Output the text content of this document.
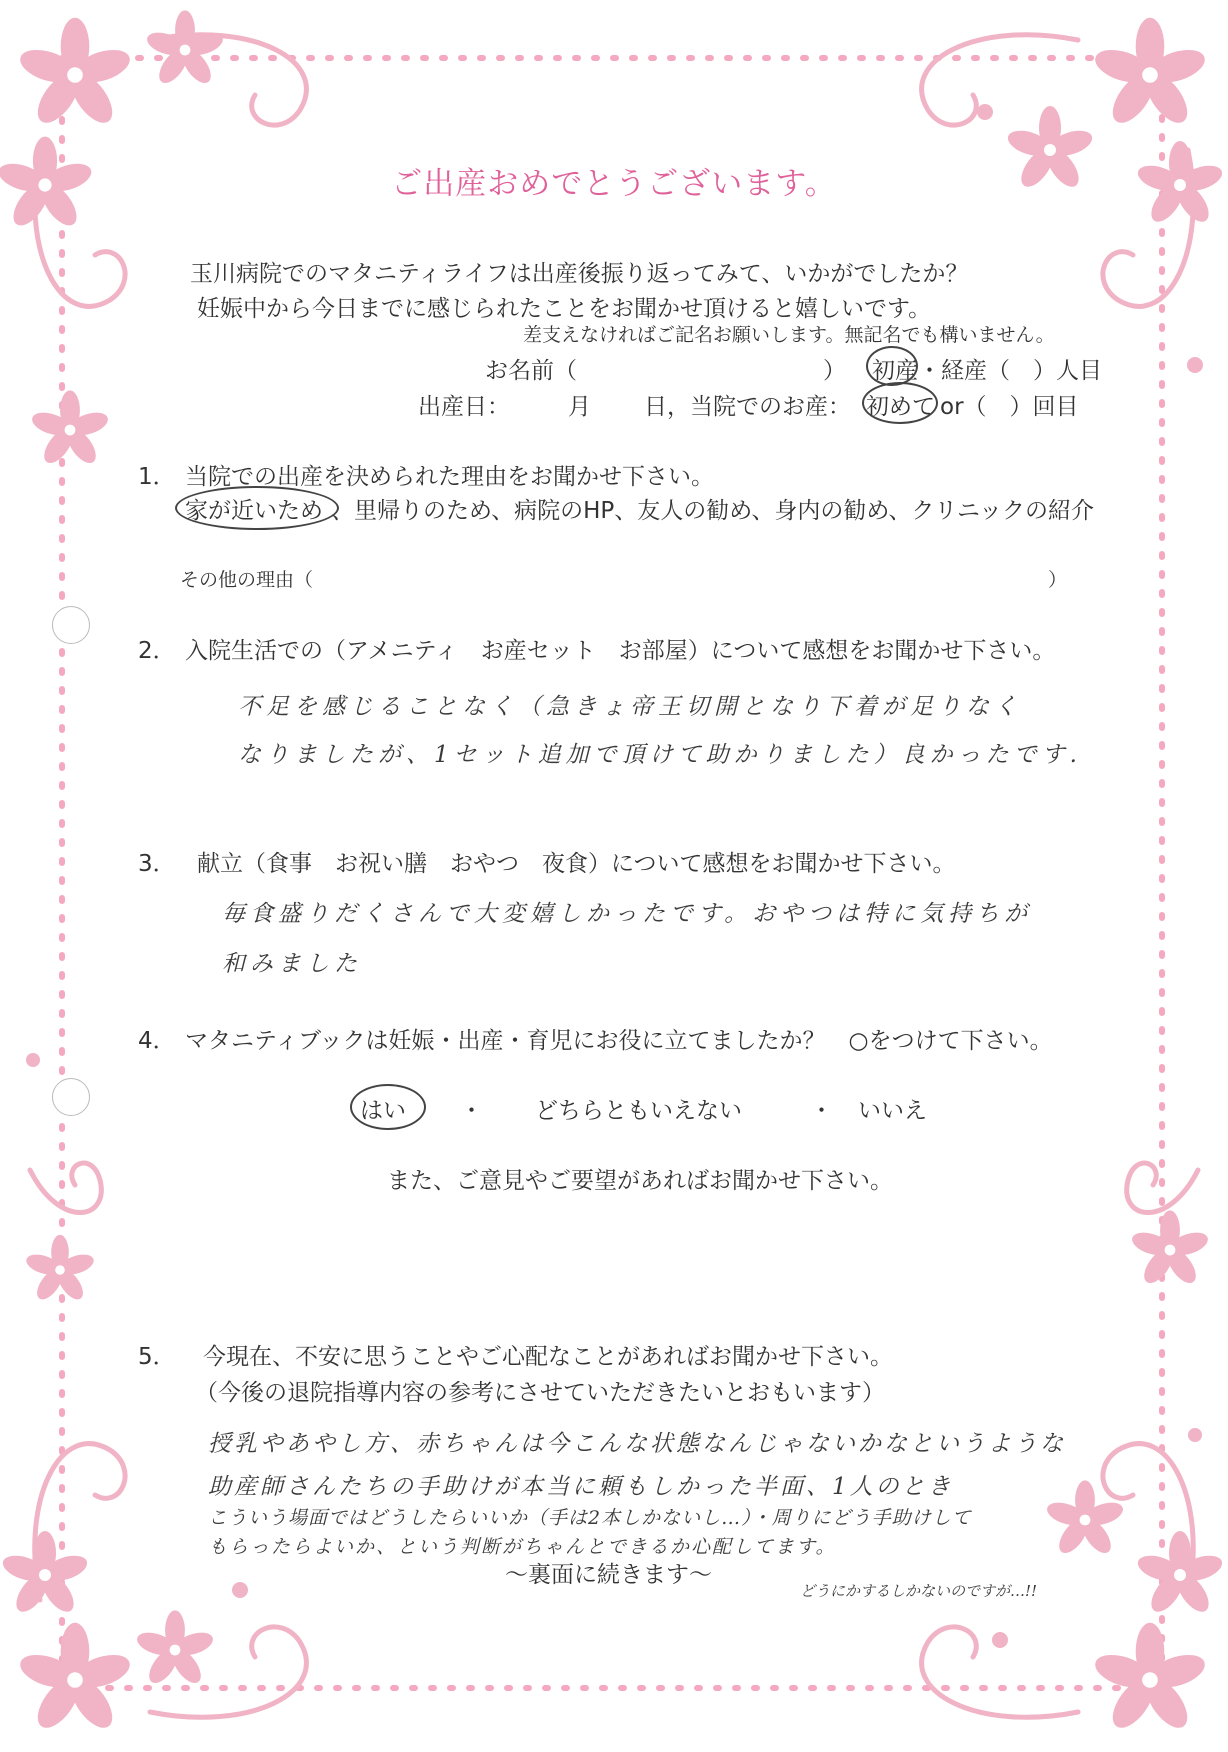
ご出産おめでとうございます。
玉川病院でのマタニティライフは出産後振り返ってみて、いかがでしたか？
妊娠中から今日までに感じられたことをお聞かせ頂けると嬉しいです。
差支えなければご記名お願いします。無記名でも構いません。
お名前（	） 初産 ・経産（　）人目
出産日：	月 日，当院でのお産： 初めて or（　）回目
1． 当院での出産を決められた理由をお聞かせ下さい。
家が近いため 、里帰りのため、病院のHP、友人の勧め、身内の勧め、クリニックの紹介
その他の理由（	）
2． 入院生活での（アメニティ　お産セット　お部屋）について感想をお聞かせ下さい。
不足を感じることなく（急きょ帝王切開となり下着が足りなく
なりましたが、1セット追加で頂けて助かりました）良かったです.
3． 献立（食事　お祝い膳　おやつ　夜食）について感想をお聞かせ下さい。
毎食盛りだくさんで大変嬉しかったです。おやつは特に気持ちが
和みました
4． マタニティブックは妊娠・出産・育児にお役に立てましたか？　○をつけて下さい。
はい ・ どちらともいえない	・ いいえ
また、ご意見やご要望があればお聞かせ下さい。
5． 今現在、不安に思うことやご心配なことがあればお聞かせ下さい。
（今後の退院指導内容の参考にさせていただきたいとおもいます）
授乳やあやし方、赤ちゃんは今こんな状態なんじゃないかなというような
助産師さんたちの手助けが本当に頼もしかった半面、1人のとき
こういう場面ではどうしたらいいか（手は2本しかないし…）・周りにどう手助けして
もらったらよいか、という判断がちゃんとできるか心配してます。
〜裏面に続きます〜
どうにかするしかないのですが…!!
